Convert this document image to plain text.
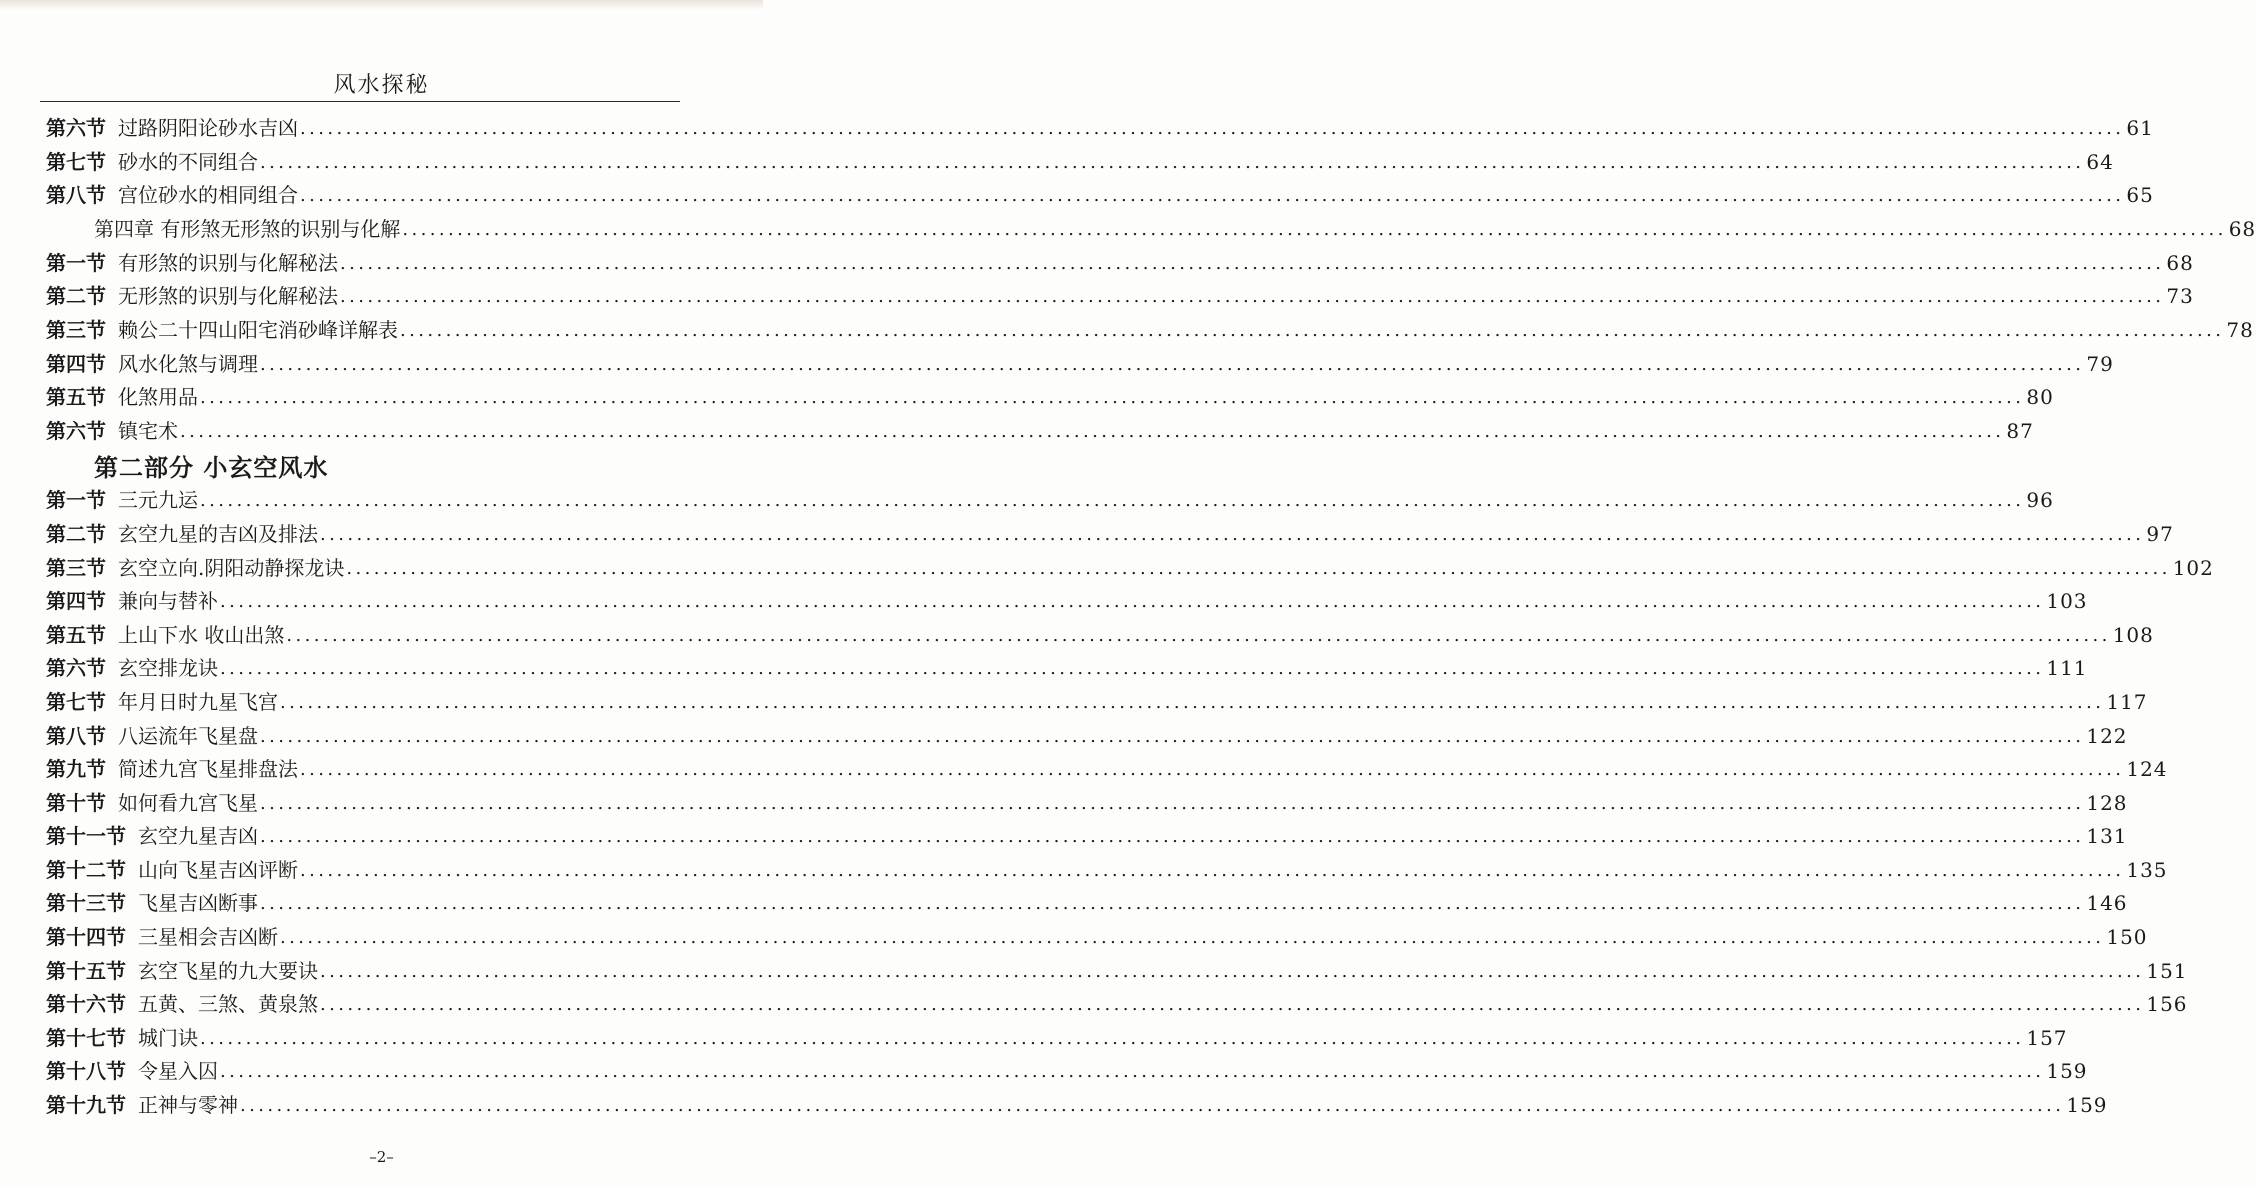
风水探秘
第六节 过路阴阳论砂水吉凶 ........................................................................................................................................................................................................ 61
第七节 砂水的不同组合 ........................................................................................................................................................................................................ 64
第八节 宫位砂水的相同组合 ........................................................................................................................................................................................................ 65
第四章 有形煞无形煞的识别与化解 ........................................................................................................................................................................................................ 68
第一节 有形煞的识别与化解秘法 ........................................................................................................................................................................................................ 68
第二节 无形煞的识别与化解秘法 ........................................................................................................................................................................................................ 73
第三节 赖公二十四山阳宅消砂峰详解表 ........................................................................................................................................................................................................ 78
第四节 风水化煞与调理 ........................................................................................................................................................................................................ 79
第五节 化煞用品 ........................................................................................................................................................................................................ 80
第六节 镇宅术 ........................................................................................................................................................................................................ 87
第二部分 小玄空风水
第一节 三元九运 ........................................................................................................................................................................................................ 96
第二节 玄空九星的吉凶及排法 ........................................................................................................................................................................................................ 97
第三节 玄空立向.阴阳动静探龙诀 ........................................................................................................................................................................................................ 102
第四节 兼向与替补 ........................................................................................................................................................................................................ 103
第五节 上山下水 收山出煞 ........................................................................................................................................................................................................ 108
第六节 玄空排龙诀 ........................................................................................................................................................................................................ 111
第七节 年月日时九星飞宫 ........................................................................................................................................................................................................ 117
第八节 八运流年飞星盘 ........................................................................................................................................................................................................ 122
第九节 简述九宫飞星排盘法 ........................................................................................................................................................................................................ 124
第十节 如何看九宫飞星 ........................................................................................................................................................................................................ 128
第十一节 玄空九星吉凶 ........................................................................................................................................................................................................ 131
第十二节 山向飞星吉凶评断 ........................................................................................................................................................................................................ 135
第十三节 飞星吉凶断事 ........................................................................................................................................................................................................ 146
第十四节 三星相会吉凶断 ........................................................................................................................................................................................................ 150
第十五节 玄空飞星的九大要诀 ........................................................................................................................................................................................................ 151
第十六节 五黄、三煞、黄泉煞 ........................................................................................................................................................................................................ 156
第十七节 城门诀 ........................................................................................................................................................................................................ 157
第十八节 令星入囚 ........................................................................................................................................................................................................ 159
第十九节 正神与零神 ........................................................................................................................................................................................................ 159
–2–
